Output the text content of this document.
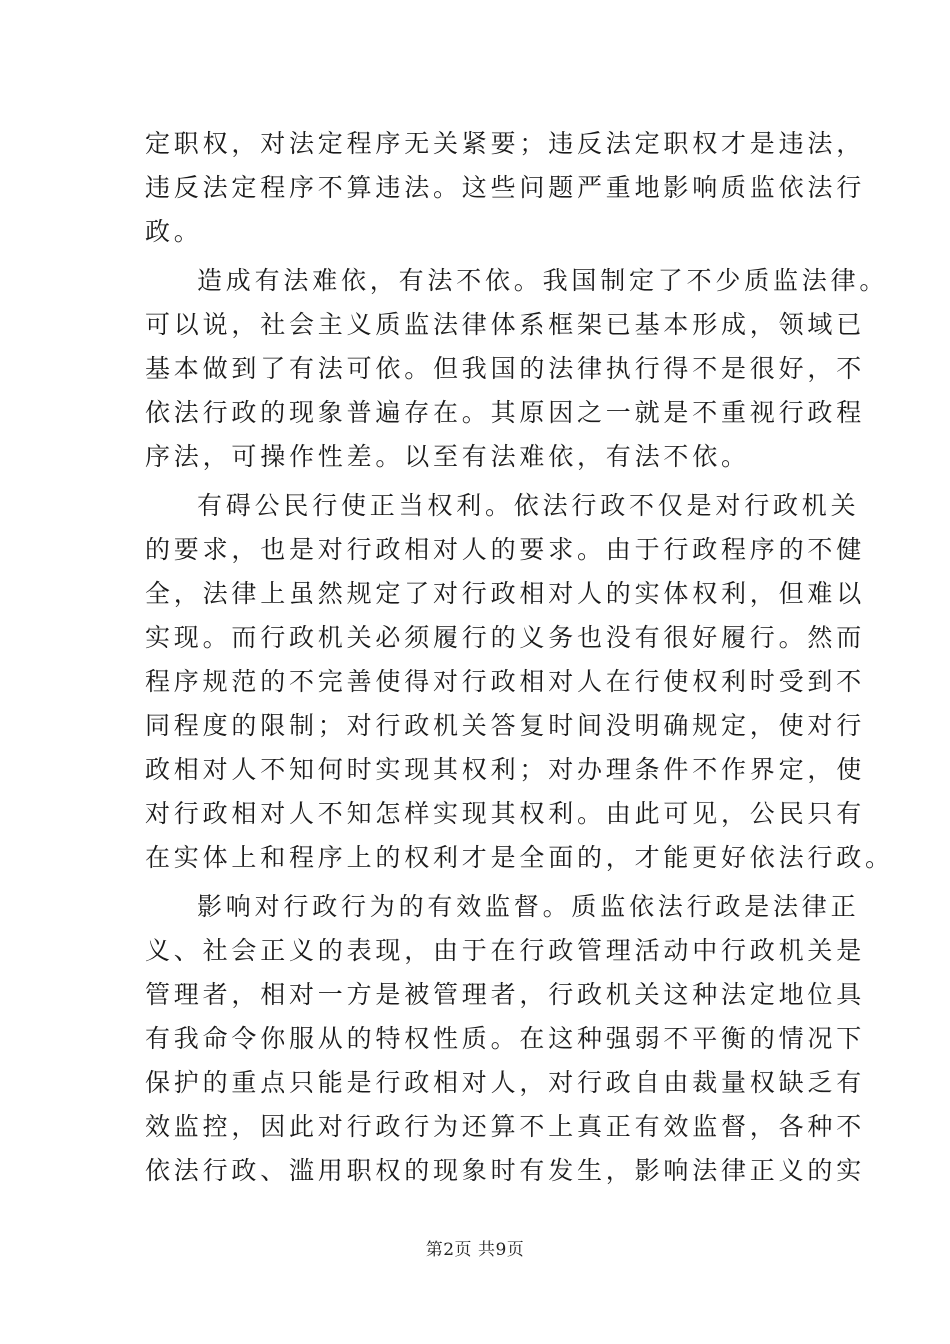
定职权，对法定程序无关紧要；违反法定职权才是违法，
违反法定程序不算违法。这些问题严重地影响质监依法行
政。
造成有法难依，有法不依。我国制定了不少质监法律。
可以说，社会主义质监法律体系框架已基本形成，领域已
基本做到了有法可依。但我国的法律执行得不是很好，不
依法行政的现象普遍存在。其原因之一就是不重视行政程
序法，可操作性差。以至有法难依，有法不依。
有碍公民行使正当权利。依法行政不仅是对行政机关
的要求，也是对行政相对人的要求。由于行政程序的不健
全，法律上虽然规定了对行政相对人的实体权利，但难以
实现。而行政机关必须履行的义务也没有很好履行。然而
程序规范的不完善使得对行政相对人在行使权利时受到不
同程度的限制；对行政机关答复时间没明确规定，使对行
政相对人不知何时实现其权利；对办理条件不作界定，使
对行政相对人不知怎样实现其权利。由此可见，公民只有
在实体上和程序上的权利才是全面的，才能更好依法行政。
影响对行政行为的有效监督。质监依法行政是法律正
义、社会正义的表现，由于在行政管理活动中行政机关是
管理者，相对一方是被管理者，行政机关这种法定地位具
有我命令你服从的特权性质。在这种强弱不平衡的情况下
保护的重点只能是行政相对人，对行政自由裁量权缺乏有
效监控，因此对行政行为还算不上真正有效监督，各种不
依法行政、滥用职权的现象时有发生，影响法律正义的实
第2页 共9页
